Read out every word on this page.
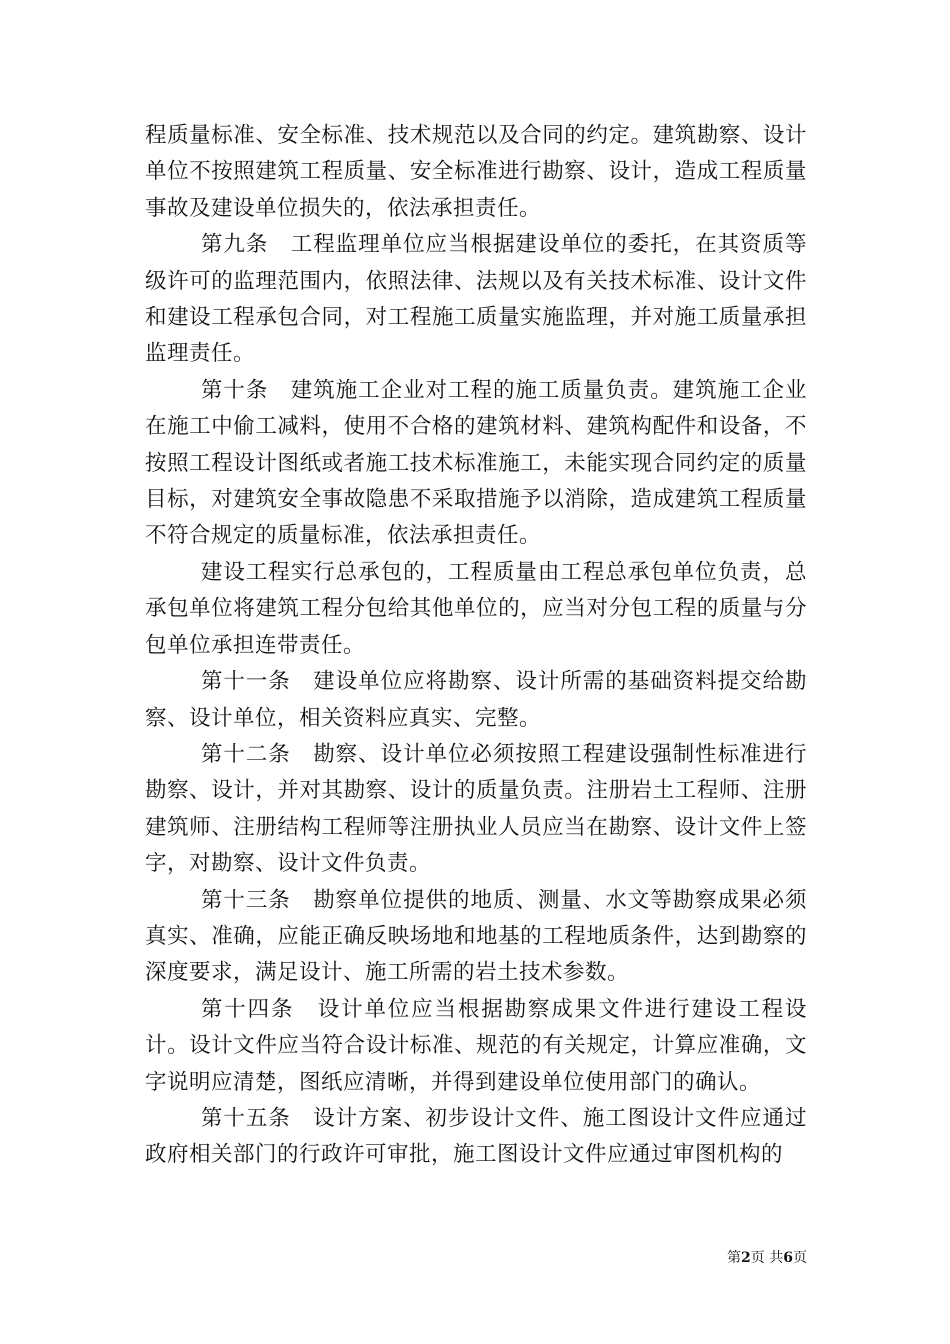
程质量标准、安全标准、技术规范以及合同的约定。建筑勘察、设计单位不按照建筑工程质量、安全标准进行勘察、设计，造成工程质量事故及建设单位损失的，依法承担责任。

第九条　工程监理单位应当根据建设单位的委托，在其资质等级许可的监理范围内，依照法律、法规以及有关技术标准、设计文件和建设工程承包合同，对工程施工质量实施监理，并对施工质量承担监理责任。

第十条　建筑施工企业对工程的施工质量负责。建筑施工企业在施工中偷工减料，使用不合格的建筑材料、建筑构配件和设备，不按照工程设计图纸或者施工技术标准施工，未能实现合同约定的质量目标，对建筑安全事故隐患不采取措施予以消除，造成建筑工程质量不符合规定的质量标准，依法承担责任。

建设工程实行总承包的，工程质量由工程总承包单位负责，总承包单位将建筑工程分包给其他单位的，应当对分包工程的质量与分包单位承担连带责任。

第十一条　建设单位应将勘察、设计所需的基础资料提交给勘察、设计单位，相关资料应真实、完整。

第十二条　勘察、设计单位必须按照工程建设强制性标准进行勘察、设计，并对其勘察、设计的质量负责。注册岩土工程师、注册建筑师、注册结构工程师等注册执业人员应当在勘察、设计文件上签字，对勘察、设计文件负责。

第十三条　勘察单位提供的地质、测量、水文等勘察成果必须真实、准确，应能正确反映场地和地基的工程地质条件，达到勘察的深度要求，满足设计、施工所需的岩土技术参数。

第十四条　设计单位应当根据勘察成果文件进行建设工程设计。设计文件应当符合设计标准、规范的有关规定，计算应准确，文字说明应清楚，图纸应清晰，并得到建设单位使用部门的确认。

第十五条　设计方案、初步设计文件、施工图设计文件应通过政府相关部门的行政许可审批，施工图设计文件应通过审图机构的

第2页 共6页
